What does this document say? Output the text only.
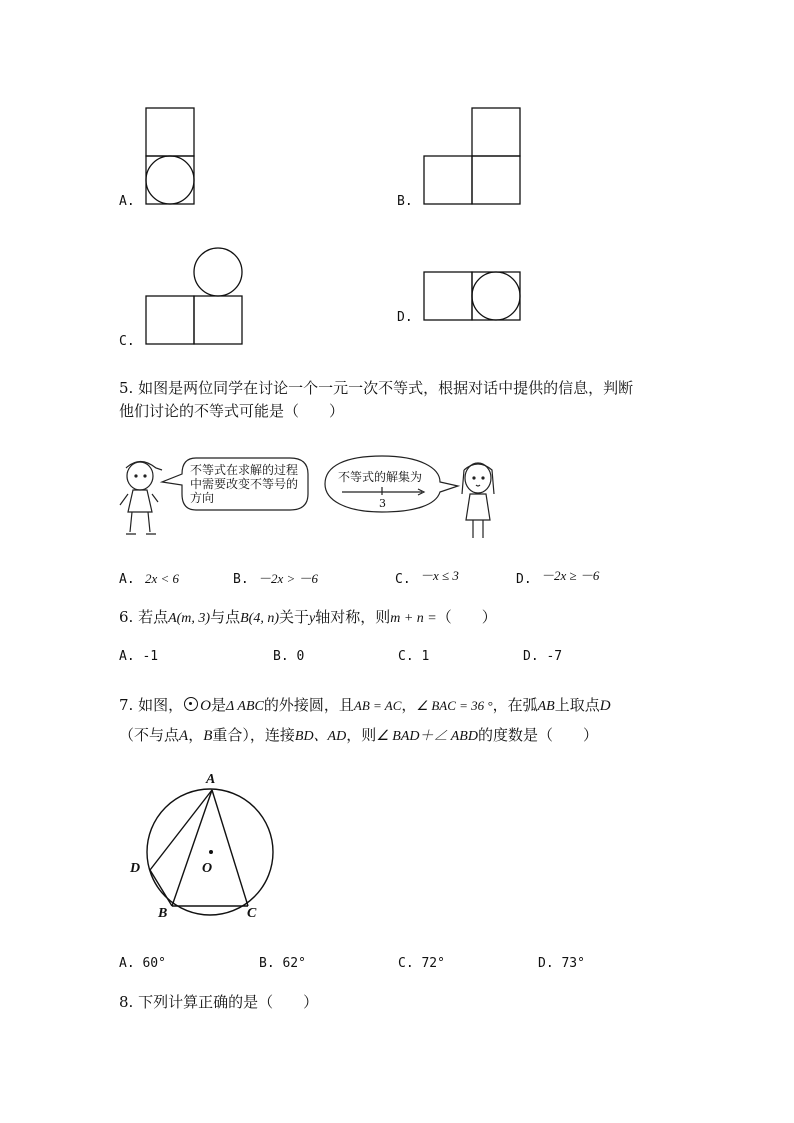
A.	B.
C.
D.
5. 如图是两位同学在讨论一个一元一次不等式，根据对话中提供的信息，判断
他们讨论的不等式可能是（　　）
不等式在求解的过程
中需要改变不等号的
方向
不等式的解集为
3
A. 2x < 6	B. －2x > －6	C. －x ≤ 3	D. －2x ≥ －6
6. 若点A(m, 3)与点B(4, n)关于y轴对称，则m + n =（　　）
A. -1	B. 0	C. 1	D. -7
7. 如图， O是Δ ABC的外接圆，且AB = AC，∠ BAC = 36 °，在弧AB上取点D
（不与点A，B重合），连接BD、AD，则∠ BAD＋∠ ABD的度数是（　　）
A
D	O
B	C
A. 60°	B. 62°	C. 72°	D. 73°
8. 下列计算正确的是（　　）
